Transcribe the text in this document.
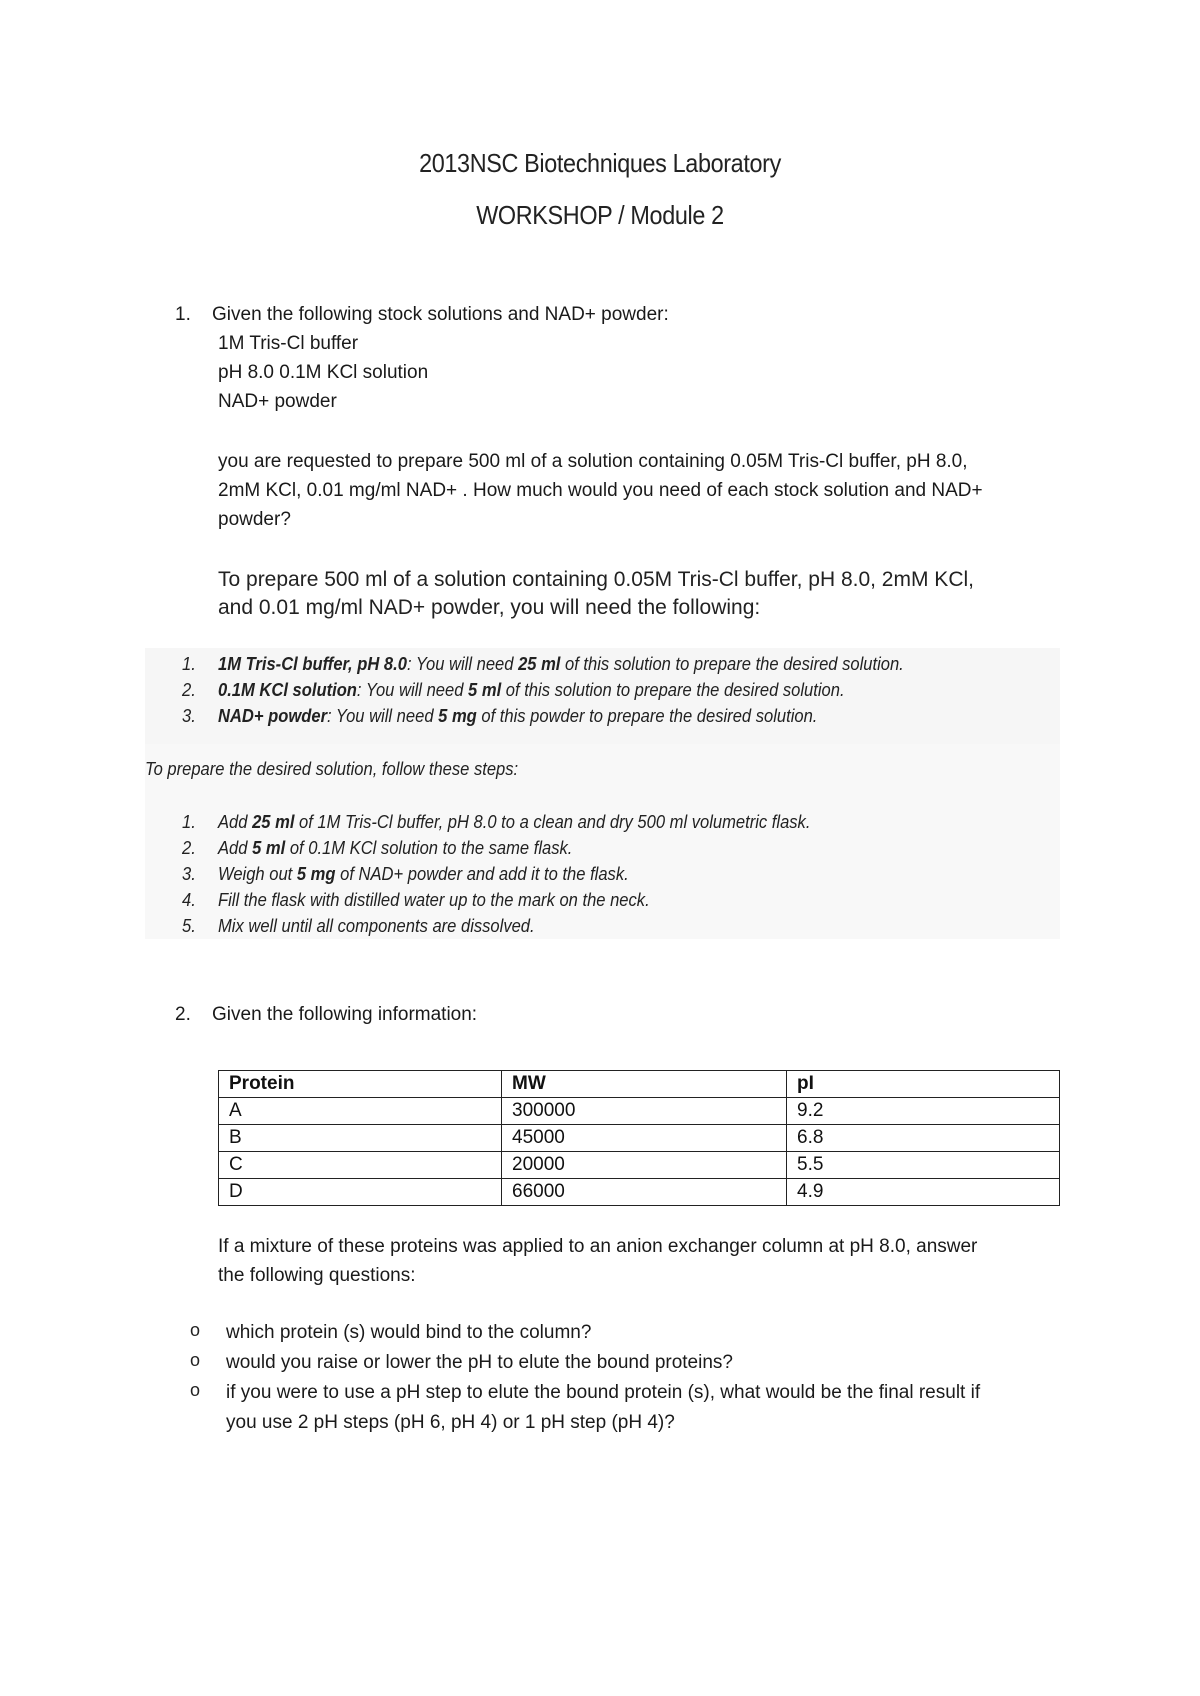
2013NSC Biotechniques Laboratory
WORKSHOP / Module 2
1. Given the following stock solutions and NAD+ powder:
1M Tris-Cl buffer
pH 8.0 0.1M KCl solution
NAD+ powder
you are requested to prepare 500 ml of a solution containing 0.05M Tris-Cl buffer, pH 8.0,
2mM KCl, 0.01 mg/ml NAD+ . How much would you need of each stock solution and NAD+
powder?
To prepare 500 ml of a solution containing 0.05M Tris-Cl buffer, pH 8.0, 2mM KCl,
and 0.01 mg/ml NAD+ powder, you will need the following:
1. 1M Tris-Cl buffer, pH 8.0: You will need 25 ml of this solution to prepare the desired solution.
2. 0.1M KCl solution: You will need 5 ml of this solution to prepare the desired solution.
3. NAD+ powder: You will need 5 mg of this powder to prepare the desired solution.
To prepare the desired solution, follow these steps:
1. Add 25 ml of 1M Tris-Cl buffer, pH 8.0 to a clean and dry 500 ml volumetric flask.
2. Add 5 ml of 0.1M KCl solution to the same flask.
3. Weigh out 5 mg of NAD+ powder and add it to the flask.
4. Fill the flask with distilled water up to the mark on the neck.
5. Mix well until all components are dissolved.
2. Given the following information:
Protein	MW	pI
A	300000	9.2
B	45000	6.8
C	20000	5.5
D	66000	4.9
If a mixture of these proteins was applied to an anion exchanger column at pH 8.0, answer
the following questions:
o which protein (s) would bind to the column?
o would you raise or lower the pH to elute the bound proteins?
o if you were to use a pH step to elute the bound protein (s), what would be the final result if
you use 2 pH steps (pH 6, pH 4) or 1 pH step (pH 4)?
